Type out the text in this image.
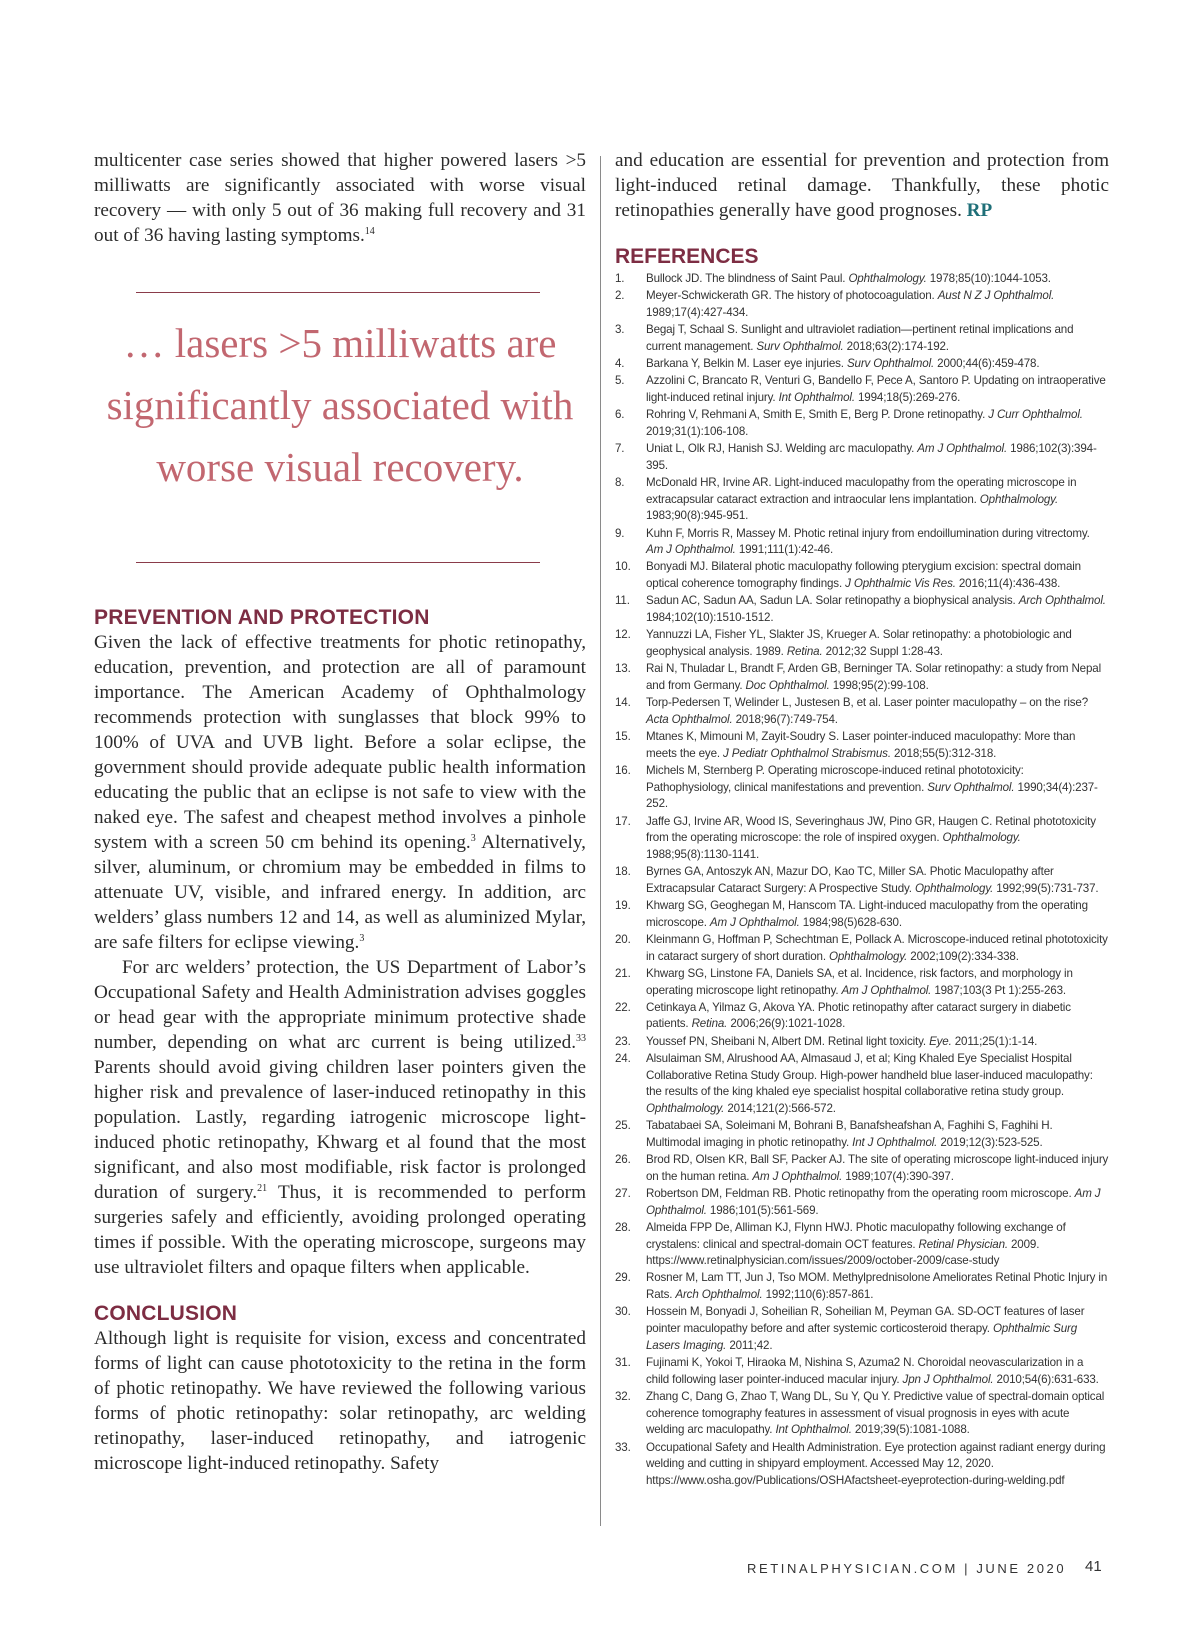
multicenter case series showed that higher powered lasers >5 milliwatts are significantly associated with worse visual recovery — with only 5 out of 36 making full recovery and 31 out of 36 having lasting symptoms.$^{14}$

… lasers >5 milliwatts are significantly associated with worse visual recovery.
PREVENTION AND PROTECTION

Given the lack of effective treatments for photic retinopathy, education, prevention, and protection are all of paramount importance. The American Academy of Ophthalmology recommends protection with sunglasses that block 99% to 100% of UVA and UVB light. Before a solar eclipse, the government should provide adequate public health information educating the public that an eclipse is not safe to view with the naked eye. The safest and cheapest method involves a pinhole system with a screen 50 cm behind its opening.$^3$ Alternatively, silver, aluminum, or chromium may be embedded in films to attenuate UV, visible, and infrared energy. In addition, arc welders’ glass numbers 12 and 14, as well as aluminized Mylar, are safe filters for eclipse viewing.$^3$

For arc welders’ protection, the US Department of Labor’s Occupational Safety and Health Administration advises goggles or head gear with the appropriate minimum protective shade number, depending on what arc current is being utilized.$^{33}$ Parents should avoid giving children laser pointers given the higher risk and prevalence of laser-induced retinopathy in this population. Lastly, regarding iatrogenic microscope light-induced photic retinopathy, Khwarg et al found that the most significant, and also most modifiable, risk factor is prolonged duration of surgery.$^{21}$ Thus, it is recommended to perform surgeries safely and efficiently, avoiding prolonged operating times if possible. With the operating microscope, surgeons may use ultraviolet filters and opaque filters when applicable.

CONCLUSION

Although light is requisite for vision, excess and concentrated forms of light can cause phototoxicity to the retina in the form of photic retinopathy. We have reviewed the following various forms of photic retinopathy: solar retinopathy, arc welding retinopathy, laser-induced retinopathy, and iatrogenic microscope light-induced retinopathy. Safety

and education are essential for prevention and protection from light-induced retinal damage. Thankfully, these photic retinopathies generally have good prognoses. RP

REFERENCES
1.	Bullock JD. The blindness of Saint Paul. Ophthalmology. 1978;85(10):1044-1053.
2.	Meyer-Schwickerath GR. The history of photocoagulation. Aust N Z J Ophthalmol. 1989;17(4):427-434.
3.	Begaj T, Schaal S. Sunlight and ultraviolet radiation—pertinent retinal implications and current management. Surv Ophthalmol. 2018;63(2):174-192.
4.	Barkana Y, Belkin M. Laser eye injuries. Surv Ophthalmol. 2000;44(6):459-478.
5.	Azzolini C, Brancato R, Venturi G, Bandello F, Pece A, Santoro P. Updating on intraoperative light-induced retinal injury. Int Ophthalmol. 1994;18(5):269-276.
6.	Rohring V, Rehmani A, Smith E, Smith E, Berg P. Drone retinopathy. J Curr Ophthalmol. 2019;31(1):106-108.
7.	Uniat L, Olk RJ, Hanish SJ. Welding arc maculopathy. Am J Ophthalmol. 1986;102(3):394-395.
8.	McDonald HR, Irvine AR. Light-induced maculopathy from the operating microscope in extracapsular cataract extraction and intraocular lens implantation. Ophthalmology. 1983;90(8):945-951.
9.	Kuhn F, Morris R, Massey M. Photic retinal injury from endoillumination during vitrectomy. Am J Ophthalmol. 1991;111(1):42-46.
10.	Bonyadi MJ. Bilateral photic maculopathy following pterygium excision: spectral domain optical coherence tomography findings. J Ophthalmic Vis Res. 2016;11(4):436-438.
11.	Sadun AC, Sadun AA, Sadun LA. Solar retinopathy a biophysical analysis. Arch Ophthalmol. 1984;102(10):1510-1512.
12.	Yannuzzi LA, Fisher YL, Slakter JS, Krueger A. Solar retinopathy: a photobiologic and geophysical analysis. 1989. Retina. 2012;32 Suppl 1:28-43.
13.	Rai N, Thuladar L, Brandt F, Arden GB, Berninger TA. Solar retinopathy: a study from Nepal and from Germany. Doc Ophthalmol. 1998;95(2):99-108.
14.	Torp-Pedersen T, Welinder L, Justesen B, et al. Laser pointer maculopathy – on the rise? Acta Ophthalmol. 2018;96(7):749-754.
15.	Mtanes K, Mimouni M, Zayit-Soudry S. Laser pointer-induced maculopathy: More than meets the eye. J Pediatr Ophthalmol Strabismus. 2018;55(5):312-318.
16.	Michels M, Sternberg P. Operating microscope-induced retinal phototoxicity: Pathophysiology, clinical manifestations and prevention. Surv Ophthalmol. 1990;34(4):237-252.
17.	Jaffe GJ, Irvine AR, Wood IS, Severinghaus JW, Pino GR, Haugen C. Retinal phototoxicity from the operating microscope: the role of inspired oxygen. Ophthalmology. 1988;95(8):1130-1141.
18.	Byrnes GA, Antoszyk AN, Mazur DO, Kao TC, Miller SA. Photic Maculopathy after Extracapsular Cataract Surgery: A Prospective Study. Ophthalmology. 1992;99(5):731-737.
19.	Khwarg SG, Geoghegan M, Hanscom TA. Light-induced maculopathy from the operating microscope. Am J Ophthalmol. 1984;98(5)628-630.
20.	Kleinmann G, Hoffman P, Schechtman E, Pollack A. Microscope-induced retinal phototoxicity in cataract surgery of short duration. Ophthalmology. 2002;109(2):334-338.
21.	Khwarg SG, Linstone FA, Daniels SA, et al. Incidence, risk factors, and morphology in operating microscope light retinopathy. Am J Ophthalmol. 1987;103(3 Pt 1):255-263.
22.	Cetinkaya A, Yilmaz G, Akova YA. Photic retinopathy after cataract surgery in diabetic patients. Retina. 2006;26(9):1021-1028.
23.	Youssef PN, Sheibani N, Albert DM. Retinal light toxicity. Eye. 2011;25(1):1-14.
24.	Alsulaiman SM, Alrushood AA, Almasaud J, et al; King Khaled Eye Specialist Hospital Collaborative Retina Study Group. High-power handheld blue laser-induced maculopathy: the results of the king khaled eye specialist hospital collaborative retina study group. Ophthalmology. 2014;121(2):566-572.
25.	Tabatabaei SA, Soleimani M, Bohrani B, Banafsheafshan A, Faghihi S, Faghihi H. Multimodal imaging in photic retinopathy. Int J Ophthalmol. 2019;12(3):523-525.
26.	Brod RD, Olsen KR, Ball SF, Packer AJ. The site of operating microscope light-induced injury on the human retina. Am J Ophthalmol. 1989;107(4):390-397.
27.	Robertson DM, Feldman RB. Photic retinopathy from the operating room microscope. Am J Ophthalmol. 1986;101(5):561-569.
28.	Almeida FPP De, Alliman KJ, Flynn HWJ. Photic maculopathy following exchange of crystalens: clinical and spectral-domain OCT features. Retinal Physician. 2009. https://www.retinalphysician.com/issues/2009/october-2009/case-study
29.	Rosner M, Lam TT, Jun J, Tso MOM. Methylprednisolone Ameliorates Retinal Photic Injury in Rats. Arch Ophthalmol. 1992;110(6):857-861.
30.	Hossein M, Bonyadi J, Soheilian R, Soheilian M, Peyman GA. SD-OCT features of laser pointer maculopathy before and after systemic corticosteroid therapy. Ophthalmic Surg Lasers Imaging. 2011;42.
31.	Fujinami K, Yokoi T, Hiraoka M, Nishina S, Azuma2 N. Choroidal neovascularization in a child following laser pointer-induced macular injury. Jpn J Ophthalmol. 2010;54(6):631-633.
32.	Zhang C, Dang G, Zhao T, Wang DL, Su Y, Qu Y. Predictive value of spectral-domain optical coherence tomography features in assessment of visual prognosis in eyes with acute welding arc maculopathy. Int Ophthalmol. 2019;39(5):1081-1088.
33.	Occupational Safety and Health Administration. Eye protection against radiant energy during welding and cutting in shipyard employment. Accessed May 12, 2020. https://www.osha.gov/Publications/OSHAfactsheet-eyeprotection-during-welding.pdf
RETINALPHYSICIAN.COM | JUNE 2020 41
